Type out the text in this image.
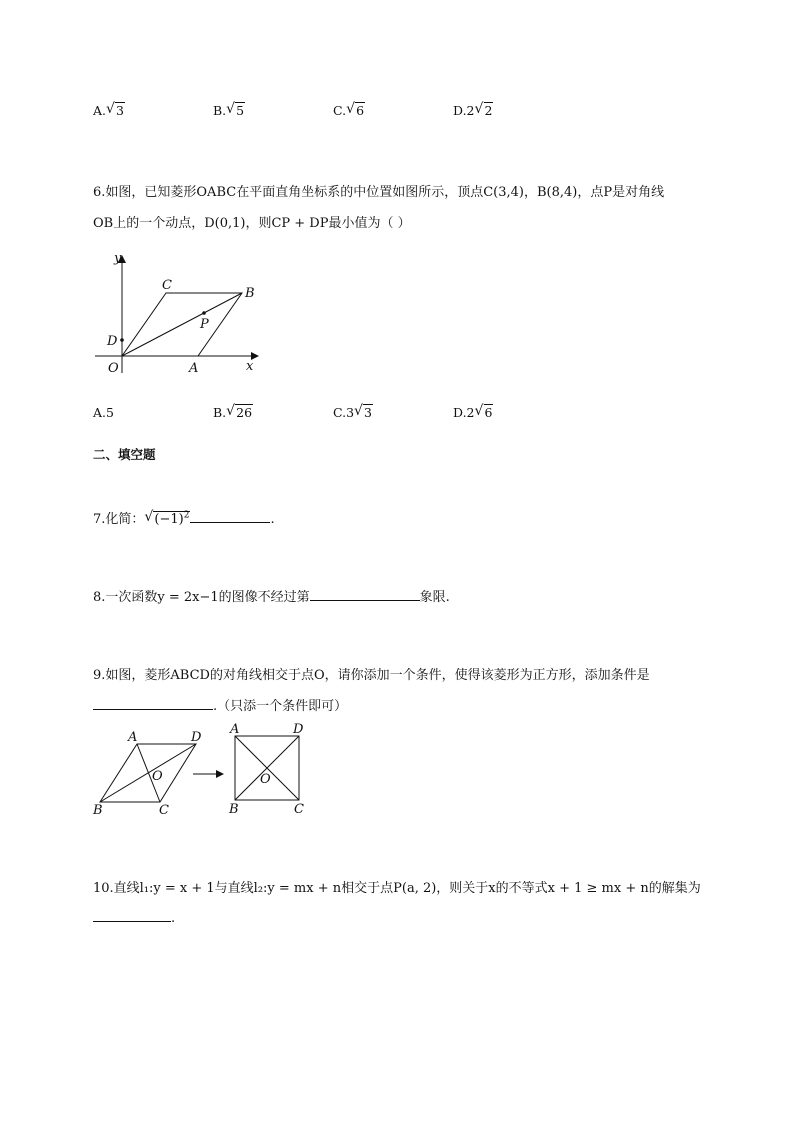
A. √ 3	B. √ 5	C. √ 6	D.2 √ 2
6.如图，已知菱形OABC在平面直角坐标系的中位置如图所示，顶点C(3,4)，B(8,4)，点P是对角线
OB上的一个动点，D(0,1)，则CP + DP最小值为（ ）
y
x
O	A
B
C
D
P
A.5	B. √ 26	C.3 √ 3	D.2 √ 6
二、填空题
7.化简： √ $(-1)^2$	.
8.一次函数y = 2x−1的图像不经过第	象限.
9.如图，菱形ABCD的对角线相交于点O，请你添加一个条件，使得该菱形为正方形，添加条件是
.（只添一个条件即可）
A	D
B	C
O
A	D
B	C
O
10.直线l₁:y = x + 1与直线l₂:y = mx + n相交于点P(a, 2)，则关于x的不等式x + 1 ≥ mx + n的解集为
.
